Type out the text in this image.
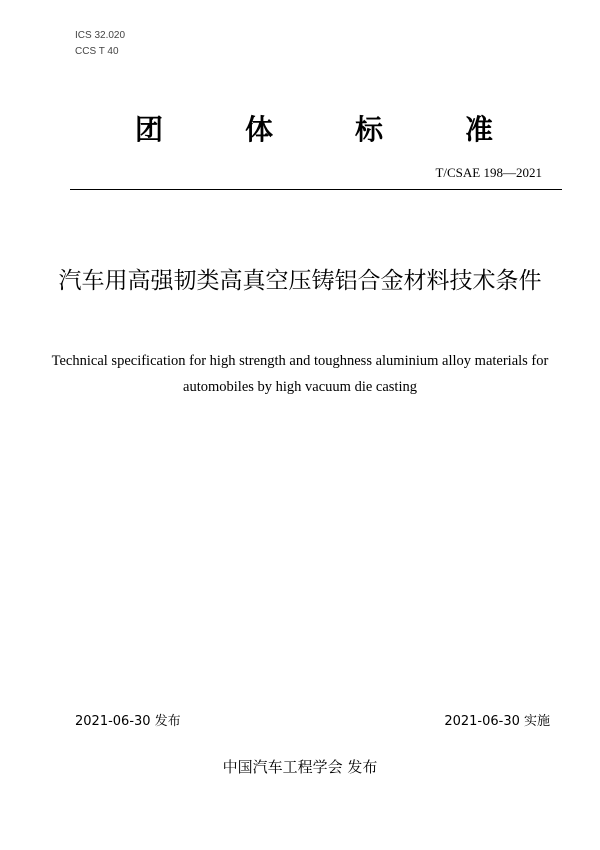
ICS 32.020
CCS T 40
团	体	标	准
T/CSAE 198—2021
汽车用高强韧类高真空压铸铝合金材料技术条件
Technical specification for high strength and toughness aluminium alloy materials for automobiles by high vacuum die casting
2021-06-30 发布	2021-06-30 实施
中国汽车工程学会 发布
